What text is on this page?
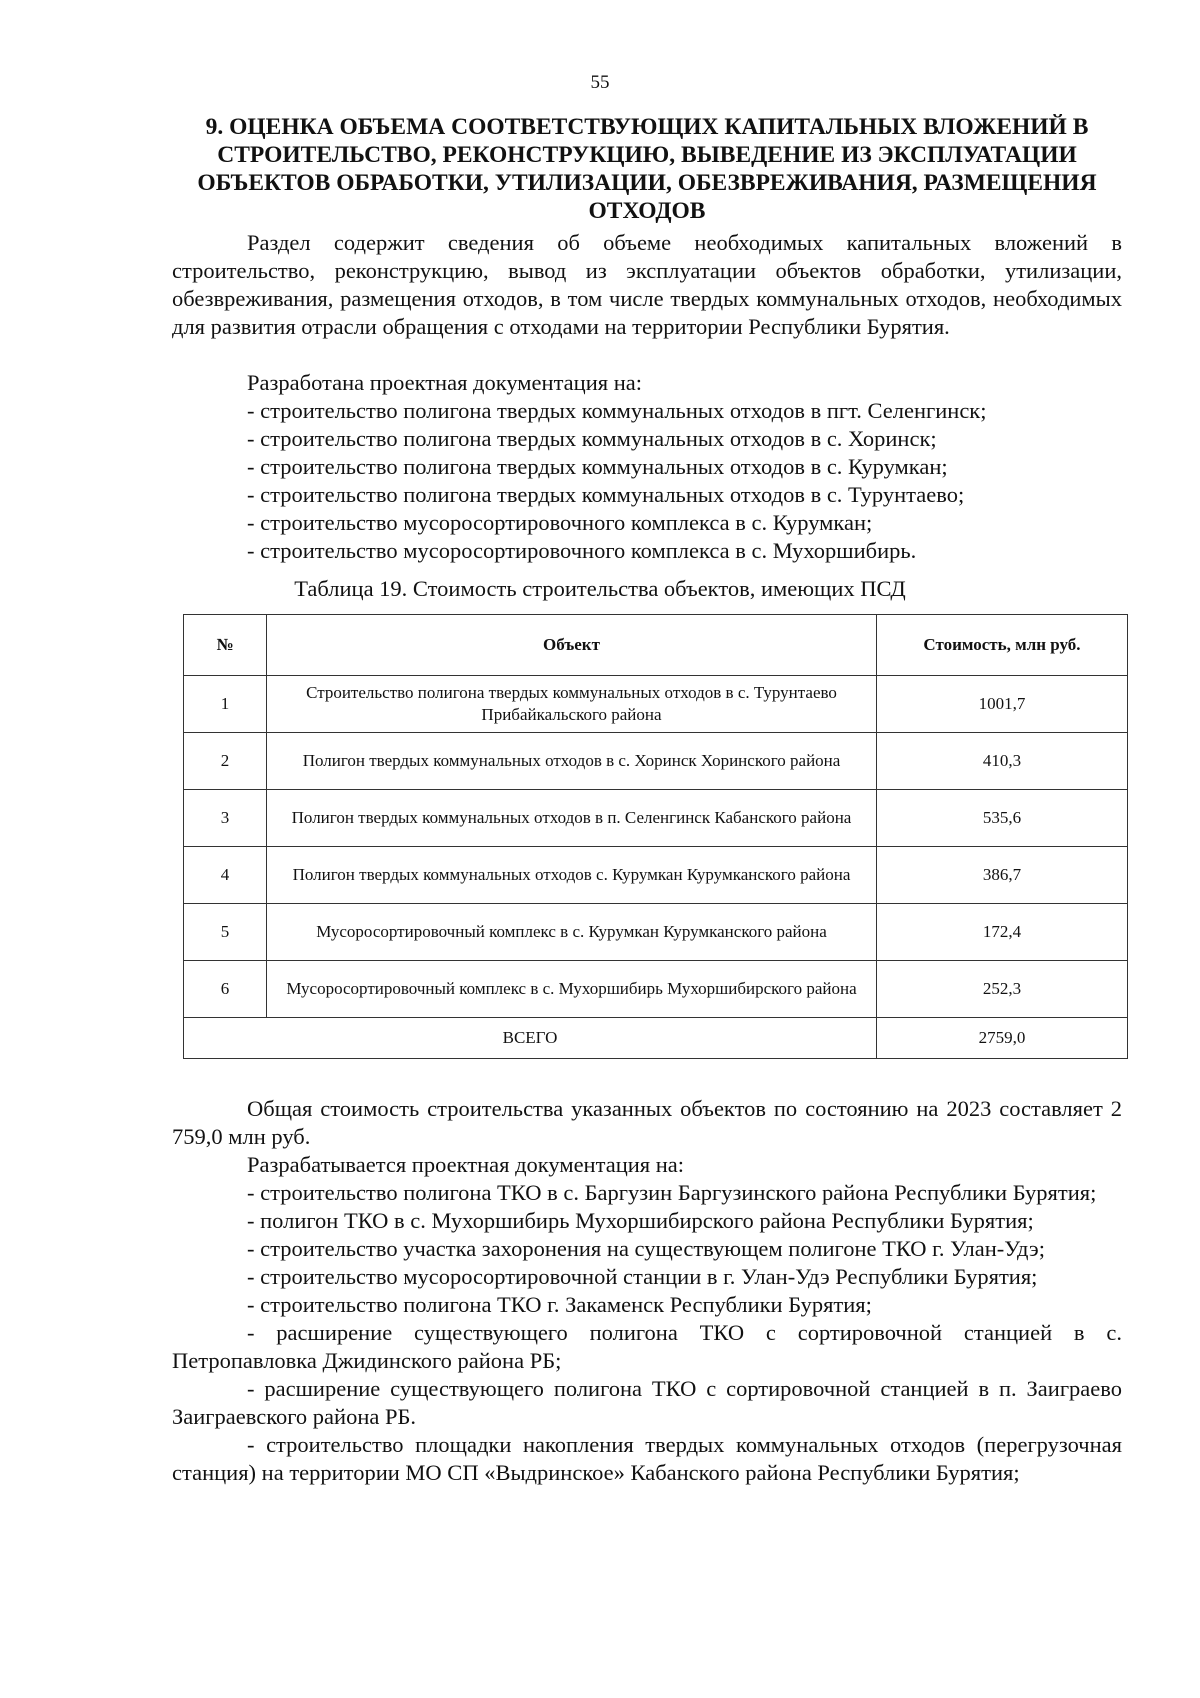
55
9. ОЦЕНКА ОБЪЕМА СООТВЕТСТВУЮЩИХ КАПИТАЛЬНЫХ ВЛОЖЕНИЙ В СТРОИТЕЛЬСТВО, РЕКОНСТРУКЦИЮ, ВЫВЕДЕНИЕ ИЗ ЭКСПЛУАТАЦИИ ОБЪЕКТОВ ОБРАБОТКИ, УТИЛИЗАЦИИ, ОБЕЗВРЕЖИВАНИЯ, РАЗМЕЩЕНИЯ ОТХОДОВ

Раздел содержит сведения об объеме необходимых капитальных вложений в строительство, реконструкцию, вывод из эксплуатации объектов обработки, утилизации, обезвреживания, размещения отходов, в том числе твердых коммунальных отходов, необходимых для развития отрасли обращения с отходами на территории Республики Бурятия.

Разработана проектная документация на:
- строительство полигона твердых коммунальных отходов в пгт. Селенгинск;
- строительство полигона твердых коммунальных отходов в с. Хоринск;
- строительство полигона твердых коммунальных отходов в с. Курумкан;
- строительство полигона твердых коммунальных отходов в с. Турунтаево;
- строительство мусоросортировочного комплекса в с. Курумкан;
- строительство мусоросортировочного комплекса в с. Мухоршибирь.
Таблица 19. Стоимость строительства объектов, имеющих ПСД
№	Объект	Стоимость, млн руб.
1	Строительство полигона твердых коммунальных отходов в с. Турунтаево Прибайкальского района	1001,7
2	Полигон твердых коммунальных отходов в с. Хоринск Хоринского района	410,3
3	Полигон твердых коммунальных отходов в п. Селенгинск Кабанского района	535,6
4	Полигон твердых коммунальных отходов с. Курумкан Курумканского района	386,7
5	Мусоросортировочный комплекс в с. Курумкан Курумканского района	172,4
6	Мусоросортировочный комплекс в с. Мухоршибирь Мухоршибирского района	252,3
ВСЕГО		2759,0

Общая стоимость строительства указанных объектов по состоянию на 2023 составляет 2 759,0 млн руб.

Разрабатывается проектная документация на:
- строительство полигона ТКО в с. Баргузин Баргузинского района Республики Бурятия;
- полигон ТКО в с. Мухоршибирь Мухоршибирского района Республики Бурятия;
- строительство участка захоронения на существующем полигоне ТКО г. Улан-Удэ;
- строительство мусоросортировочной станции в г. Улан-Удэ Республики Бурятия;
- строительство полигона ТКО г. Закаменск Республики Бурятия;
- расширение существующего полигона ТКО с сортировочной станцией в с. Петропавловка Джидинского района РБ;
- расширение существующего полигона ТКО с сортировочной станцией в п. Заиграево Заиграевского района РБ.
- строительство площадки накопления твердых коммунальных отходов (перегрузочная станция) на территории МО СП «Выдринское» Кабанского района Республики Бурятия;
